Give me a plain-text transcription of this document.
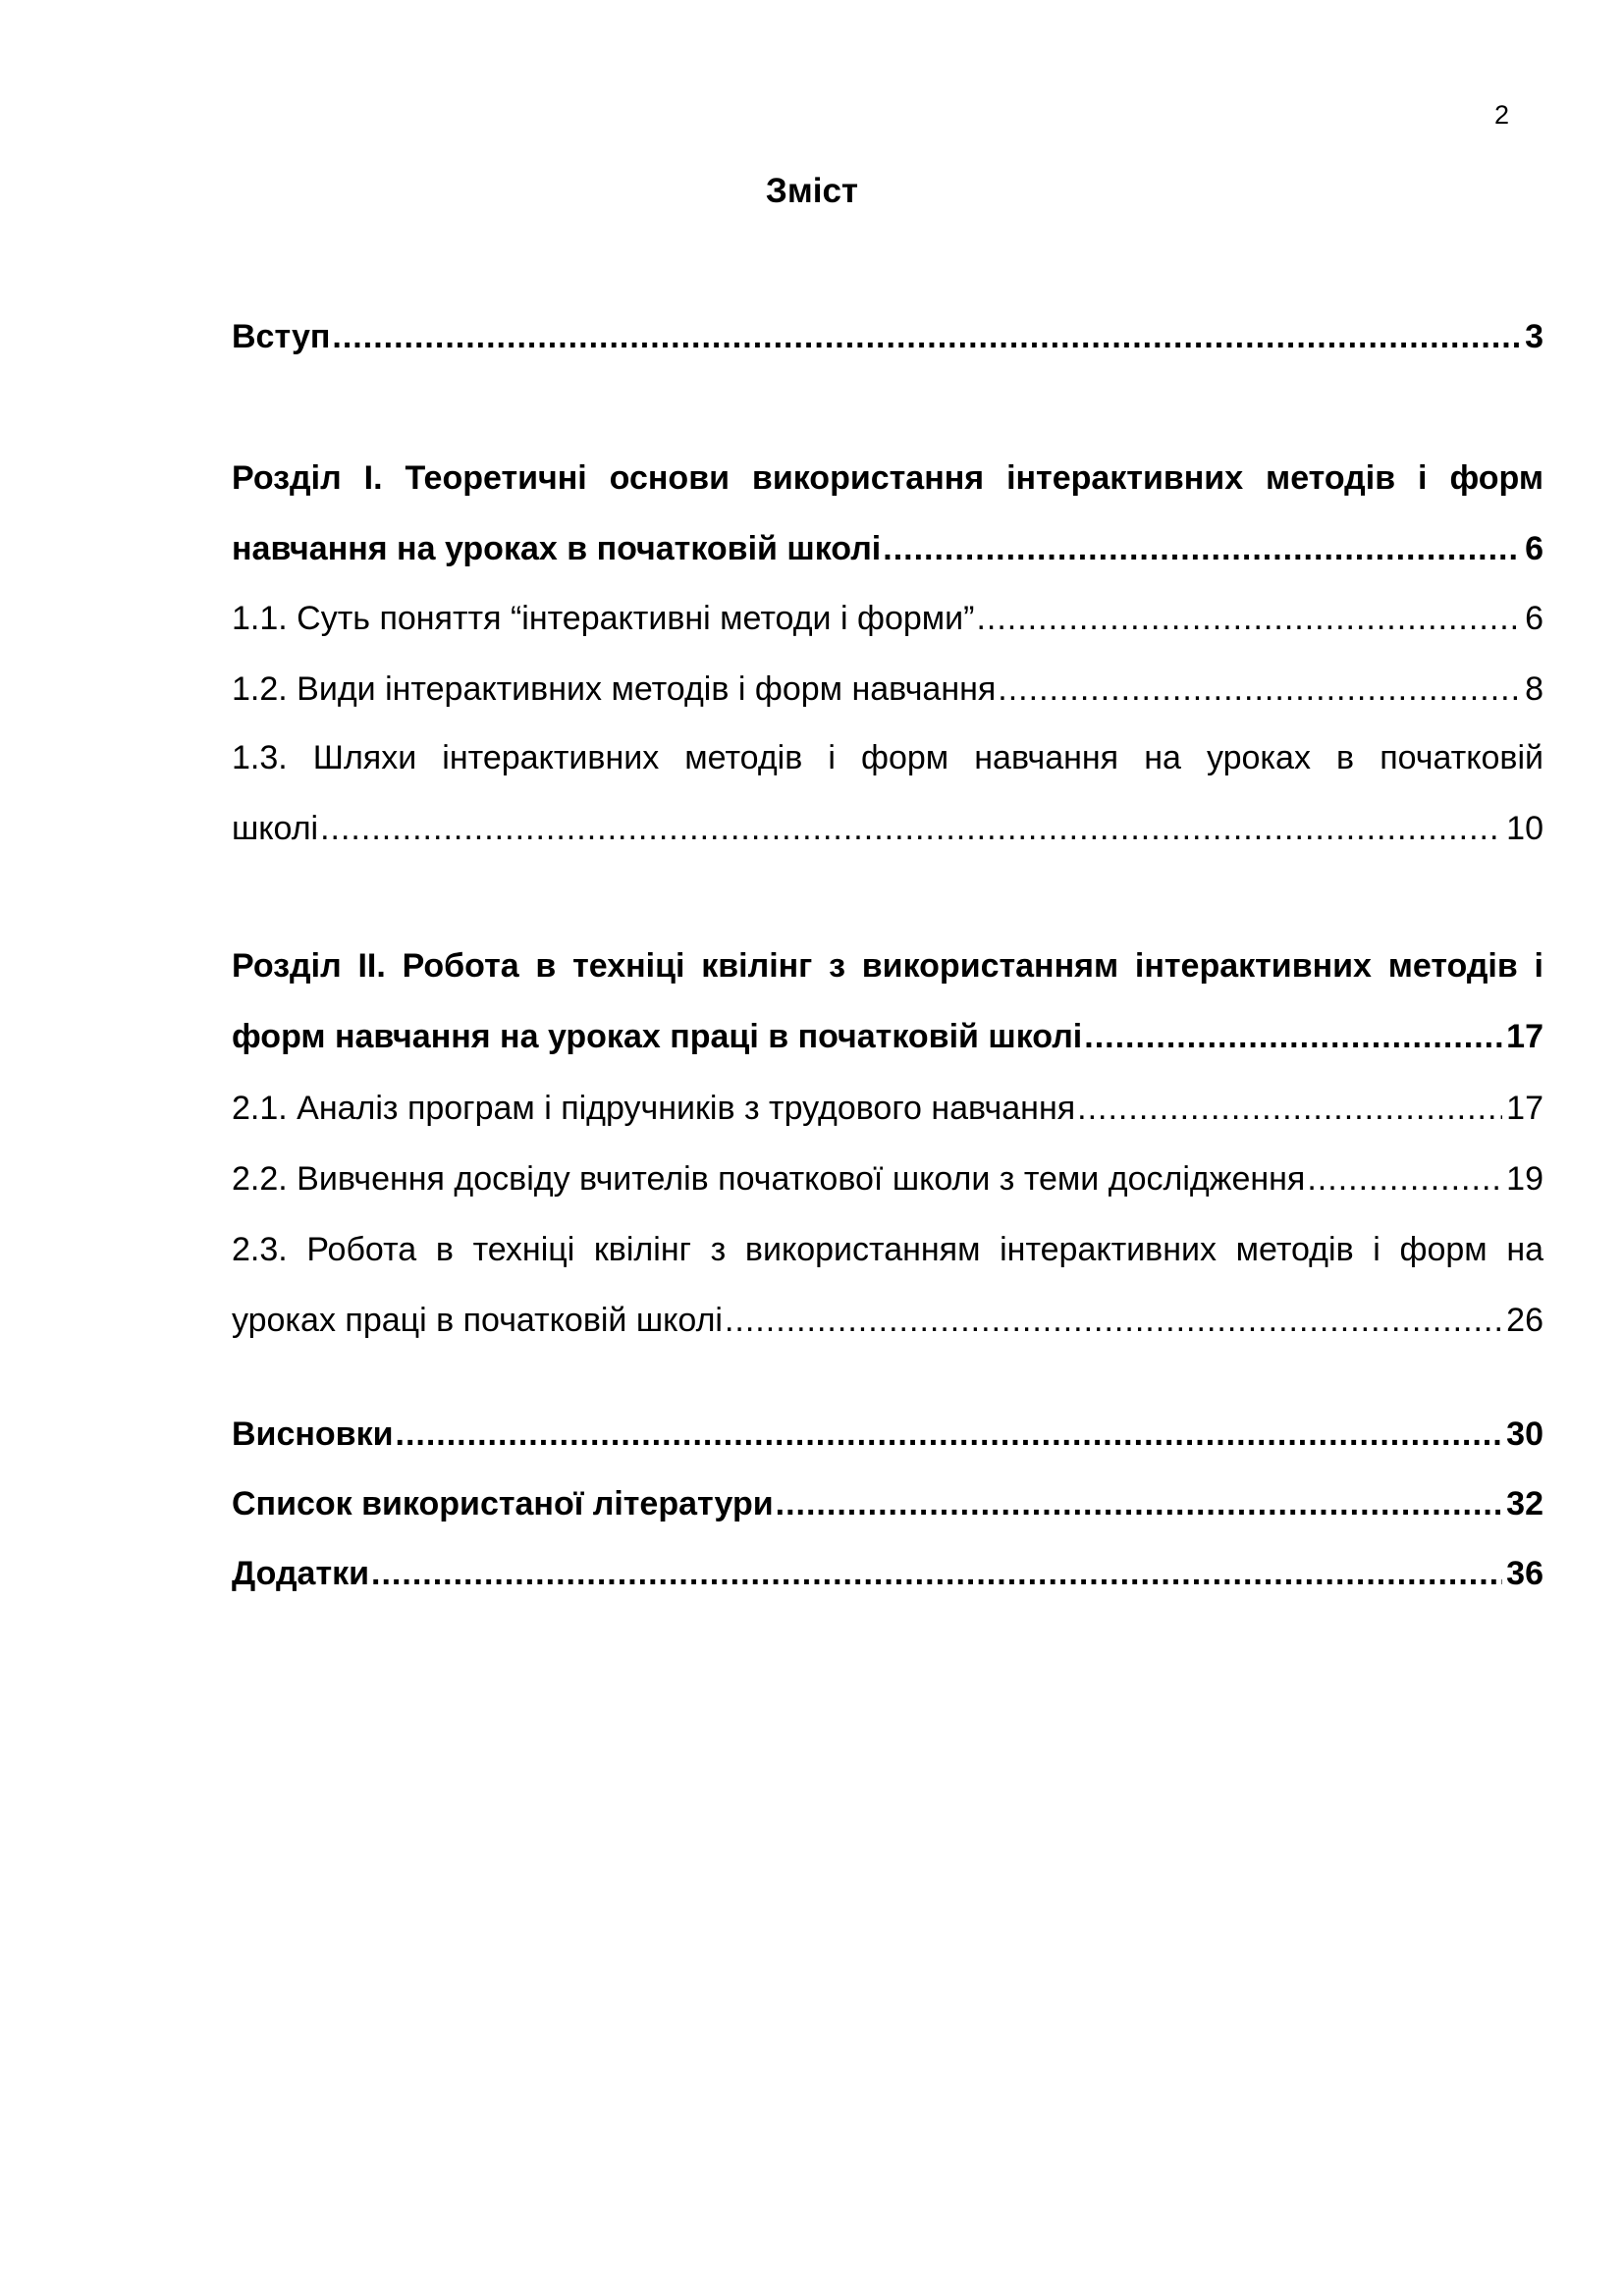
2
Зміст
Вступ .....	3
Розділ I. Теоретичні основи використання інтерактивних методів і форм
навчання на уроках в початковій школі .....	6
1.1. Суть поняття “інтерактивні методи і форми” .....	6
1.2. Види інтерактивних методів і форм навчання .....	8
1.3. Шляхи інтерактивних методів і форм навчання на уроках в початковій
школі .....	10
Розділ II. Робота в техніці квілінг з використанням інтерактивних методів і
форм навчання на уроках праці в початковій школі .....	17
2.1. Аналіз програм і підручників з трудового навчання .....	17
2.2. Вивчення досвіду вчителів початкової школи з теми дослідження .....	19
2.3. Робота в техніці квілінг з використанням інтерактивних методів і форм на
уроках праці в початковій школі .....	26
Висновки .....	30
Список використаної літератури .....	32
Додатки .....	36
